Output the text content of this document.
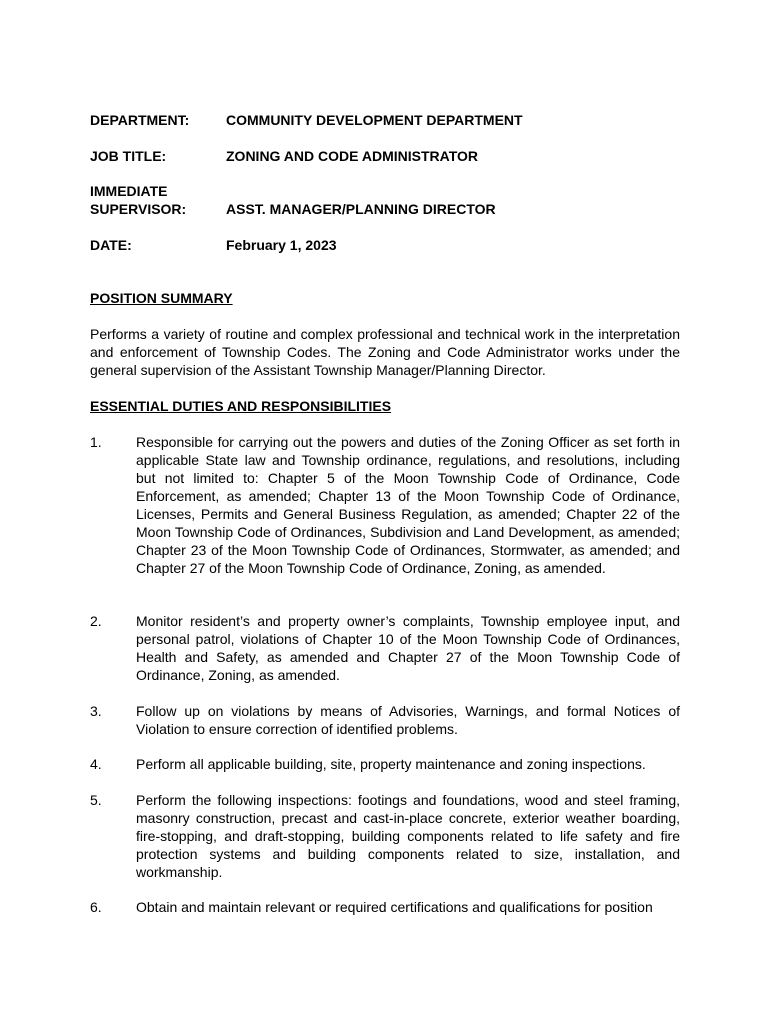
DEPARTMENT:	COMMUNITY DEVELOPMENT DEPARTMENT
JOB TITLE:	ZONING AND CODE ADMINISTRATOR
IMMEDIATE
SUPERVISOR:	ASST. MANAGER/PLANNING DIRECTOR
DATE:	February 1, 2023
POSITION SUMMARY
Performs a variety of routine and complex professional and technical work in the interpretation and enforcement of Township Codes. The Zoning and Code Administrator works under the general supervision of the Assistant Township Manager/Planning Director.
ESSENTIAL DUTIES AND RESPONSIBILITIES
1.	Responsible for carrying out the powers and duties of the Zoning Officer as set forth in applicable State law and Township ordinance, regulations, and resolutions, including but not limited to: Chapter 5 of the Moon Township Code of Ordinance, Code Enforcement, as amended; Chapter 13 of the Moon Township Code of Ordinance, Licenses, Permits and General Business Regulation, as amended; Chapter 22 of the Moon Township Code of Ordinances, Subdivision and Land Development, as amended; Chapter 23 of the Moon Township Code of Ordinances, Stormwater, as amended; and Chapter 27 of the Moon Township Code of Ordinance, Zoning, as amended.
2.	Monitor resident’s and property owner’s complaints, Township employee input, and personal patrol, violations of Chapter 10 of the Moon Township Code of Ordinances, Health and Safety, as amended and Chapter 27 of the Moon Township Code of Ordinance, Zoning, as amended.
3.	Follow up on violations by means of Advisories, Warnings, and formal Notices of Violation to ensure correction of identified problems.
4.	Perform all applicable building, site, property maintenance and zoning inspections.
5.	Perform the following inspections: footings and foundations, wood and steel framing, masonry construction, precast and cast-in-place concrete, exterior weather boarding, fire-stopping, and draft-stopping, building components related to life safety and fire protection systems and building components related to size, installation, and workmanship.
6.	Obtain and maintain relevant or required certifications and qualifications for position
